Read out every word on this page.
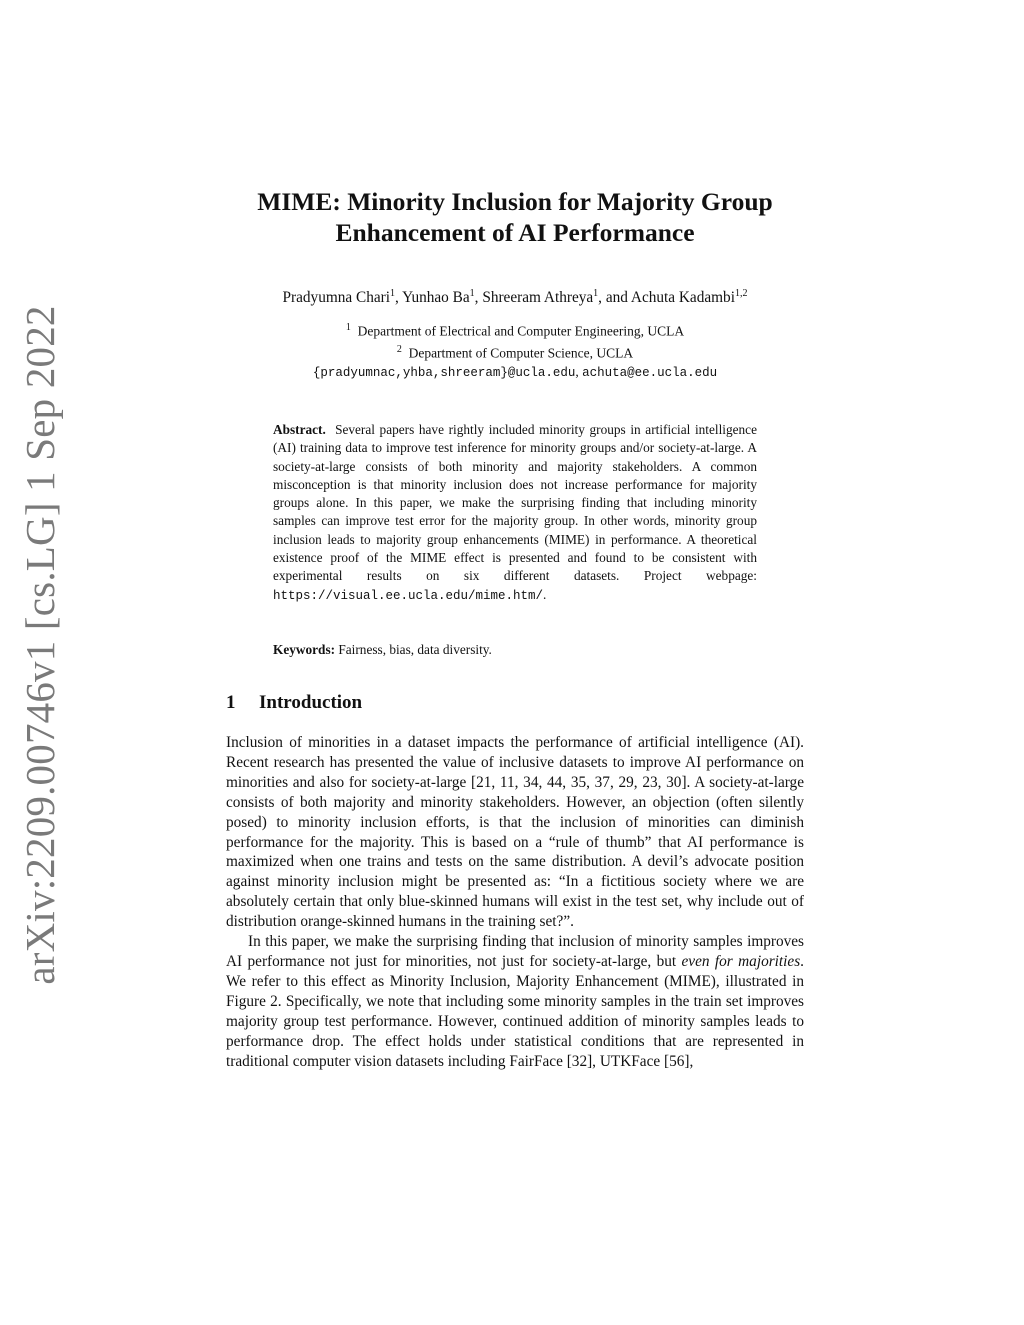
arXiv:2209.00746v1 [cs.LG] 1 Sep 2022
MIME: Minority Inclusion for Majority Group Enhancement of AI Performance
Pradyumna Chari$^1$, Yunhao Ba$^1$, Shreeram Athreya$^1$, and Achuta Kadambi$^{1,2}$
$^1$ Department of Electrical and Computer Engineering, UCLA
$^2$ Department of Computer Science, UCLA
{pradyumnac,yhba,shreeram}@ucla.edu, achuta@ee.ucla.edu

Abstract. Several papers have rightly included minority groups in artificial intelligence (AI) training data to improve test inference for minority groups and/or society-at-large. A society-at-large consists of both minority and majority stakeholders. A common misconception is that minority inclusion does not increase performance for majority groups alone. In this paper, we make the surprising finding that including minority samples can improve test error for the majority group. In other words, minority group inclusion leads to majority group enhancements (MIME) in performance. A theoretical existence proof of the MIME effect is presented and found to be consistent with experimental results on six different datasets. Project webpage: https://visual.ee.ucla.edu/mime.htm/.

Keywords: Fairness, bias, data diversity.

1 Introduction

Inclusion of minorities in a dataset impacts the performance of artificial intelligence (AI). Recent research has presented the value of inclusive datasets to improve AI performance on minorities and also for society-at-large [21, 11, 34, 44, 35, 37, 29, 23, 30]. A society-at-large consists of both majority and minority stakeholders. However, an objection (often silently posed) to minority inclusion efforts, is that the inclusion of minorities can diminish performance for the majority. This is based on a “rule of thumb” that AI performance is maximized when one trains and tests on the same distribution. A devil’s advocate position against minority inclusion might be presented as: “In a fictitious society where we are absolutely certain that only blue-skinned humans will exist in the test set, why include out of distribution orange-skinned humans in the training set?”.

In this paper, we make the surprising finding that inclusion of minority samples improves AI performance not just for minorities, not just for society-at-large, but even for majorities. We refer to this effect as Minority Inclusion, Majority Enhancement (MIME), illustrated in Figure 2. Specifically, we note that including some minority samples in the train set improves majority group test performance. However, continued addition of minority samples leads to performance drop. The effect holds under statistical conditions that are represented in traditional computer vision datasets including FairFace [32], UTKFace [56],
